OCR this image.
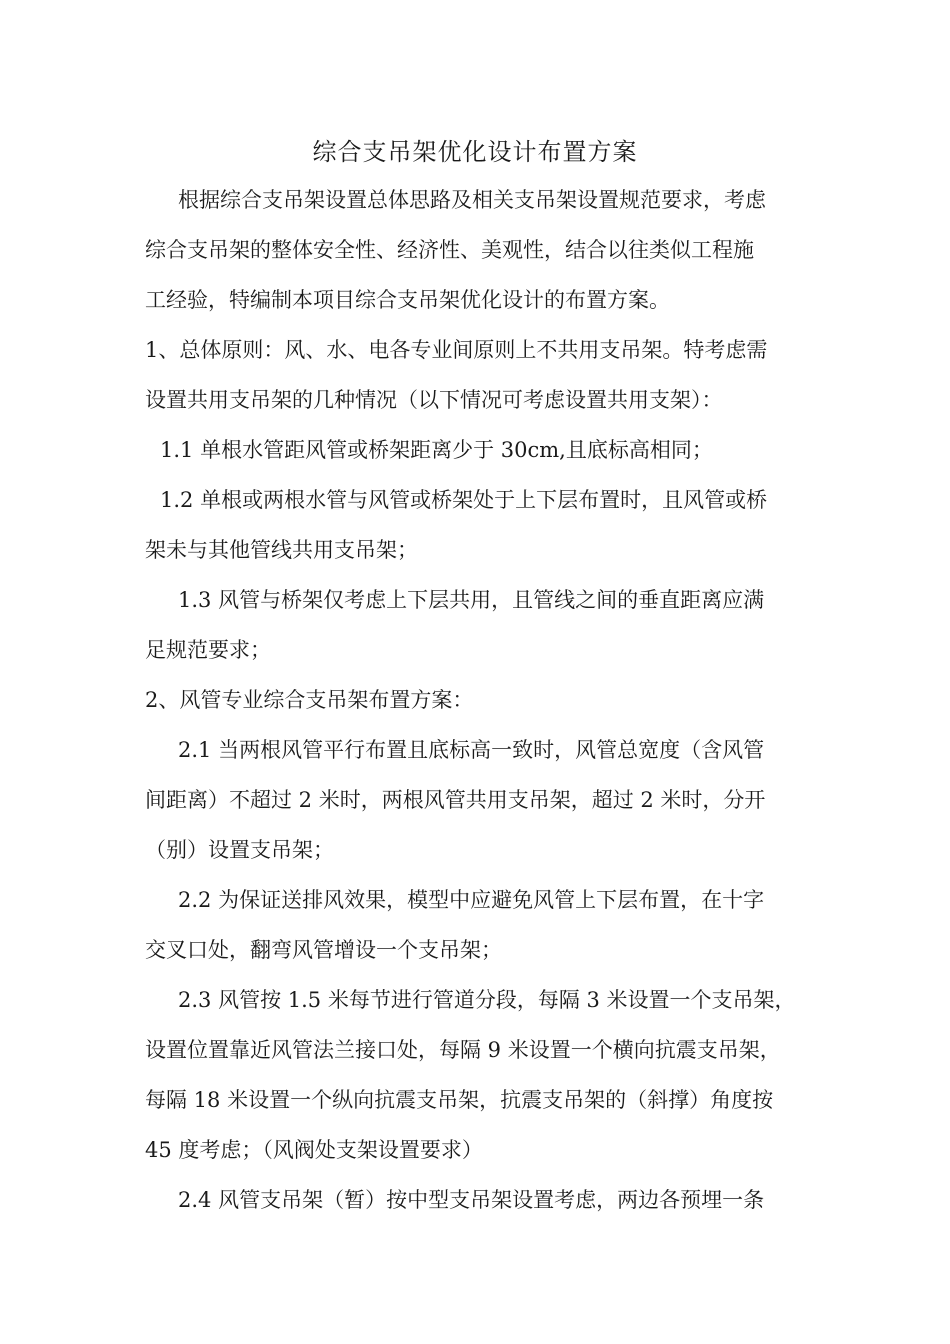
综合支吊架优化设计布置方案
根据综合支吊架设置总体思路及相关支吊架设置规范要求，考虑
综合支吊架的整体安全性、经济性、美观性，结合以往类似工程施
工经验，特编制本项目综合支吊架优化设计的布置方案。
1、总体原则：风、水、电各专业间原则上不共用支吊架。特考虑需
设置共用支吊架的几种情况（以下情况可考虑设置共用支架）：
1.1 单根水管距风管或桥架距离少于 30cm,且底标高相同；
1.2 单根或两根水管与风管或桥架处于上下层布置时，且风管或桥
架未与其他管线共用支吊架；
1.3 风管与桥架仅考虑上下层共用，且管线之间的垂直距离应满
足规范要求；
2、风管专业综合支吊架布置方案：
2.1 当两根风管平行布置且底标高一致时，风管总宽度（含风管
间距离）不超过 2 米时，两根风管共用支吊架，超过 2 米时，分开
（别）设置支吊架；
2.2 为保证送排风效果，模型中应避免风管上下层布置，在十字
交叉口处，翻弯风管增设一个支吊架；
2.3 风管按 1.5 米每节进行管道分段，每隔 3 米设置一个支吊架，
设置位置靠近风管法兰接口处，每隔 9 米设置一个横向抗震支吊架，
每隔 18 米设置一个纵向抗震支吊架，抗震支吊架的（斜撑）角度按
45 度考虑；（风阀处支架设置要求）
2.4 风管支吊架（暂）按中型支吊架设置考虑，两边各预埋一条
